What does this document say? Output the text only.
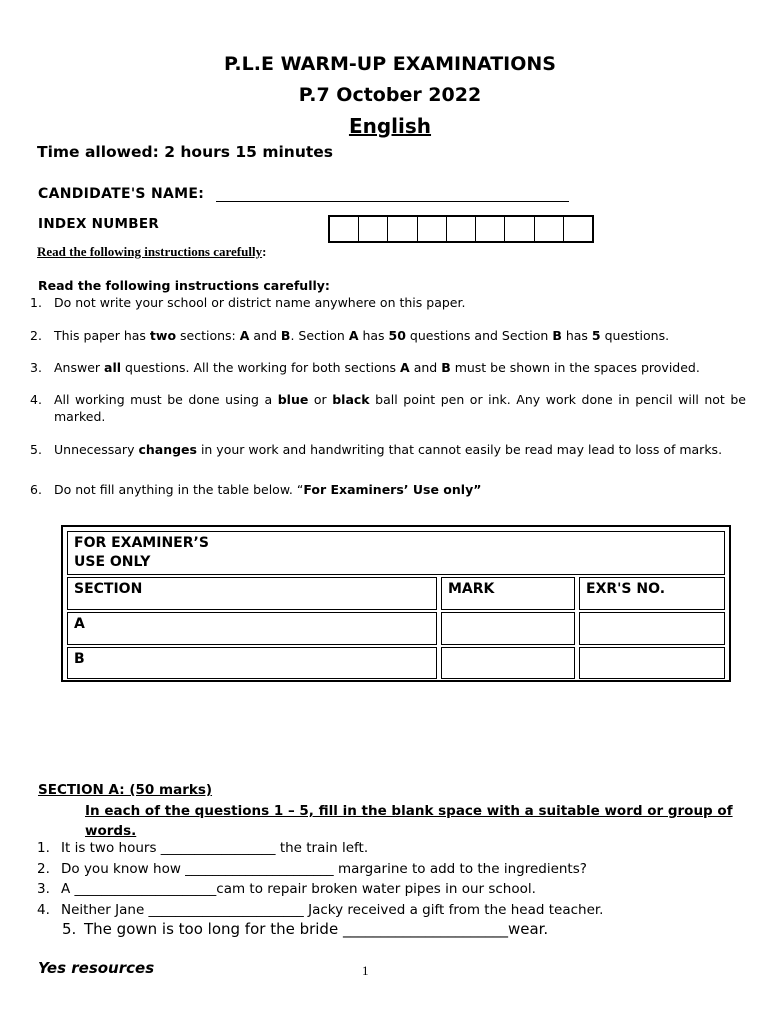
P.L.E WARM-UP EXAMINATIONS
P.7 October 2022
English
Time allowed: 2 hours 15 minutes
CANDIDATE'S NAME:
INDEX NUMBER
Read the following instructions carefully:
Read the following instructions carefully:
1. Do not write your school or district name anywhere on this paper.
2. This paper has two sections: A and B. Section A has 50 questions and Section B has 5 questions.
3. Answer all questions. All the working for both sections A and B must be shown in the spaces provided.
4. All working must be done using a blue or black ball point pen or ink. Any work done in pencil will not be marked.
5. Unnecessary changes in your work and handwriting that cannot easily be read may lead to loss of marks.
6. Do not fill anything in the table below. “For Examiners’ Use only”
FOR EXAMINER’S
USE ONLY
SECTION	MARK	EXR'S NO.
A
B
SECTION A: (50 marks)
In each of the questions 1 – 5, fill in the blank space with a suitable word or group of words.
1. It is two hours _________________ the train left.
2. Do you know how ______________________ margarine to add to the ingredients?
3. A _____________________cam to repair broken water pipes in our school.
4. Neither Jane _______________________ Jacky received a gift from the head teacher.
5. The gown is too long for the bride ______________________wear.
Yes resources	1
